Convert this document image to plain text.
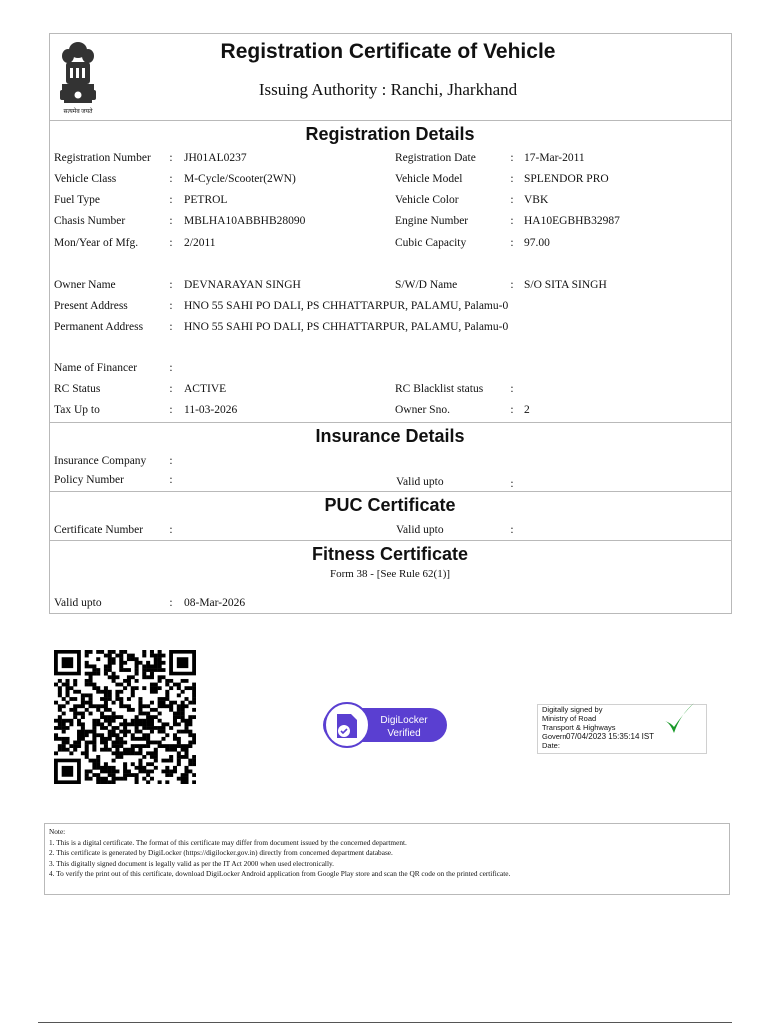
सत्यमेव जयते
Registration Certificate of Vehicle
Issuing Authority : Ranchi, Jharkhand
Registration Details
Registration Number : JH01AL0237	Registration Date	: 17-Mar-2011
Vehicle Class	: M-Cycle/Scooter(2WN)	Vehicle Model	: SPLENDOR PRO
Fuel Type	: PETROL	Vehicle Color	: VBK
Chasis Number	: MBLHA10ABBHB28090	Engine Number	: HA10EGBHB32987
Mon/Year of Mfg.	: 2/2011	Cubic Capacity	: 97.00
Owner Name	: DEVNARAYAN SINGH	S/W/D Name	: S/O SITA SINGH
Present Address	: HNO 55 SAHI PO DALI, PS CHHATTARPUR, PALAMU, Palamu-0
Permanent Address : HNO 55 SAHI PO DALI, PS CHHATTARPUR, PALAMU, Palamu-0
Name of Financer	:
RC Status	: ACTIVE	RC Blacklist status :
Tax Up to	: 11-03-2026	Owner Sno.	: 2
Insurance Details
Insurance Company :
Policy Number	:	Valid upto	:
PUC Certificate
Certificate Number :	Valid upto	:
Fitness Certificate
Form 38 - [See Rule 62(1)]
Valid upto	: 08-Mar-2026
DigiLocker
Verified
Digitally signed by
Ministry of Road
Transport & Highways
Govern 07/04/2023 15:35:14 IST
Date:
Note:
1. This is a digital certificate. The format of this certificate may differ from document issued by the concerned department.
2. This certificate is generated by DigiLocker (https://digilocker.gov.in) directly from concerned department database.
3. This digitally signed document is legally valid as per the IT Act 2000 when used electronically.
4. To verify the print out of this certificate, download DigiLocker Android application from Google Play store and scan the QR code on the printed certificate.
